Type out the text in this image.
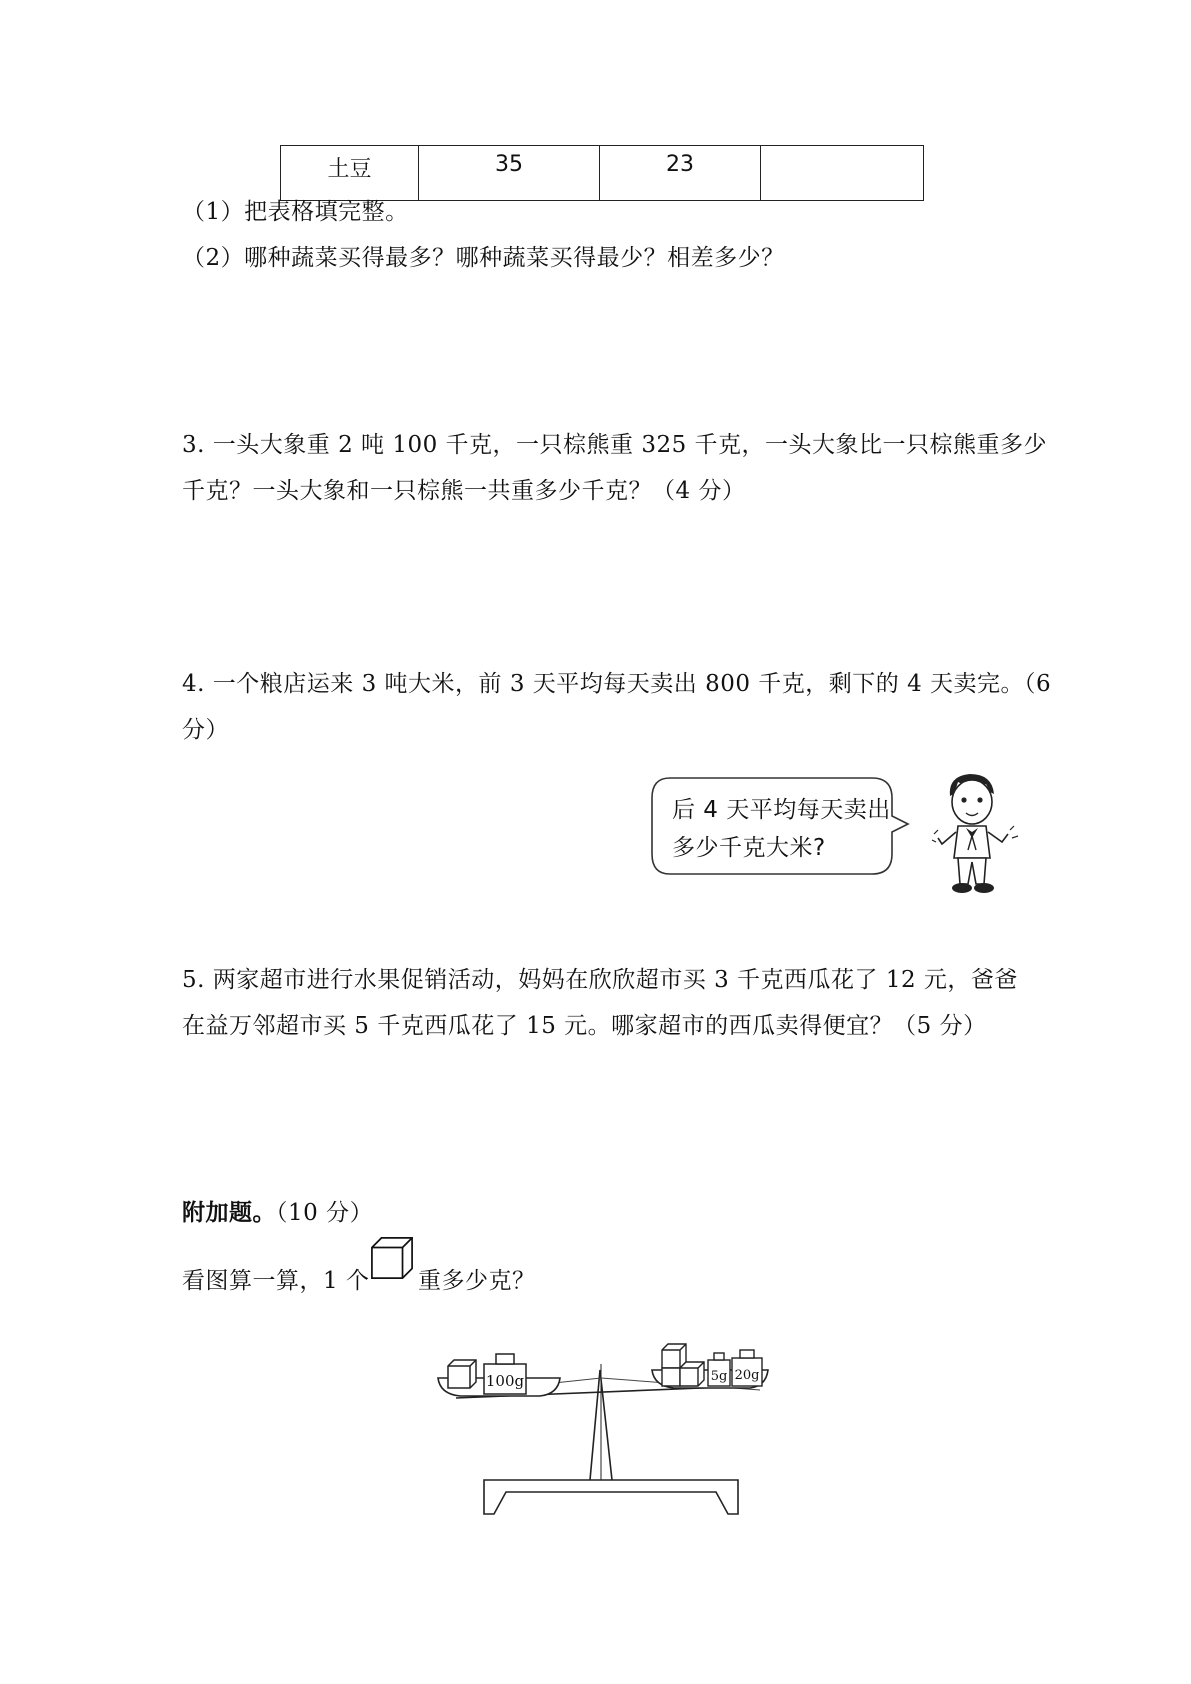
土豆	35	23	
（1）把表格填完整。
（2）哪种蔬菜买得最多？哪种蔬菜买得最少？相差多少？
3. 一头大象重 2 吨 100 千克，一只棕熊重 325 千克，一头大象比一只棕熊重多少
千克？一头大象和一只棕熊一共重多少千克？（4 分）
4. 一个粮店运来 3 吨大米，前 3 天平均每天卖出 800 千克，剩下的 4 天卖完。（6
分）
后 4 天平均每天卖出
多少千克大米?
5. 两家超市进行水果促销活动，妈妈在欣欣超市买 3 千克西瓜花了 12 元，爸爸
在益万邻超市买 5 千克西瓜花了 15 元。哪家超市的西瓜卖得便宜？（5 分）
附加题。（10 分）
看图算一算，1 个 重多少克？
100g	5g 20g
